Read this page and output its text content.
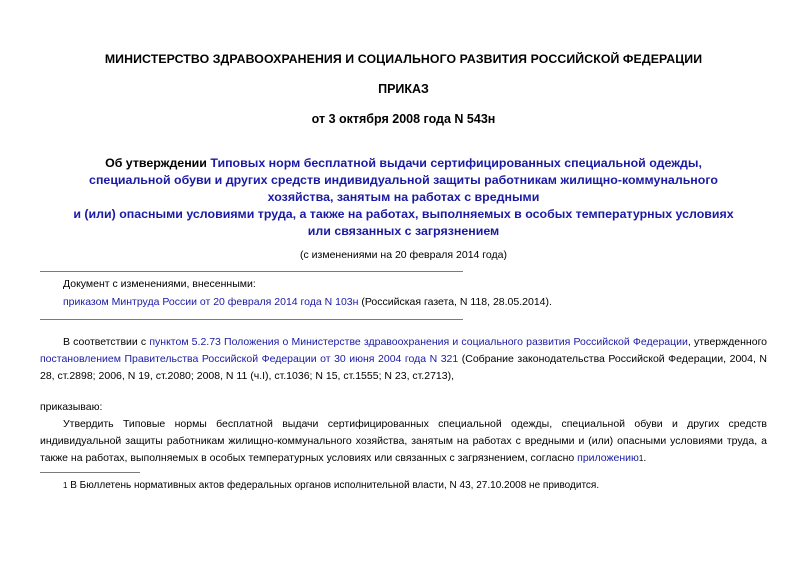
МИНИСТЕРСТВО ЗДРАВООХРАНЕНИЯ И СОЦИАЛЬНОГО РАЗВИТИЯ РОССИЙСКОЙ ФЕДЕРАЦИИ
ПРИКАЗ
от 3 октября 2008 года N 543н
Об утверждении Типовых норм бесплатной выдачи сертифицированных специальной одежды,
специальной обуви и других средств индивидуальной защиты работникам жилищно-коммунального
хозяйства, занятым на работах с вредными
и (или) опасными условиями труда, а также на работах, выполняемых в особых температурных условиях
или связанных с загрязнением
(с изменениями на 20 февраля 2014 года)
Документ с изменениями, внесенными:
приказом Минтруда России от 20 февраля 2014 года N 103н (Российская газета, N 118, 28.05.2014).
В соответствии с пунктом 5.2.73 Положения о Министерстве здравоохранения и социального развития Российской Федерации, утвержденного постановлением Правительства Российской Федерации от 30 июня 2004 года N 321 (Собрание законодательства Российской Федерации, 2004, N 28, ст.2898; 2006, N 19, ст.2080; 2008, N 11 (ч.I), ст.1036; N 15, ст.1555; N 23, ст.2713),
приказываю:
Утвердить Типовые нормы бесплатной выдачи сертифицированных специальной одежды, специальной обуви и других средств индивидуальной защиты работникам жилищно-коммунального хозяйства, занятым на работах с вредными и (или) опасными условиями труда, а также на работах, выполняемых в особых температурных условиях или связанных с загрязнением, согласно приложению1.
1 В Бюллетень нормативных актов федеральных органов исполнительной власти, N 43, 27.10.2008 не приводится.
